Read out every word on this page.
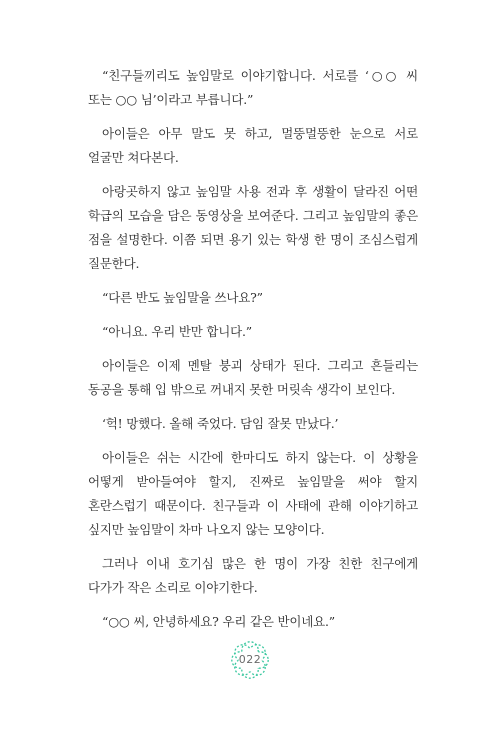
“친구들끼리도 높임말로 이야기합니다. 서로를 ‘○○ 씨 또는 ○○ 님’이라고 부릅니다.”

아이들은 아무 말도 못 하고, 멀뚱멀뚱한 눈으로 서로 얼굴만 쳐다본다.

아랑곳하지 않고 높임말 사용 전과 후 생활이 달라진 어떤 학급의 모습을 담은 동영상을 보여준다. 그리고 높임말의 좋은 점을 설명한다. 이쯤 되면 용기 있는 학생 한 명이 조심스럽게 질문한다.

“다른 반도 높임말을 쓰나요?”

“아니요. 우리 반만 합니다.”

아이들은 이제 멘탈 붕괴 상태가 된다. 그리고 흔들리는 동공을 통해 입 밖으로 꺼내지 못한 머릿속 생각이 보인다.

‘헉! 망했다. 올해 죽었다. 담임 잘못 만났다.’

아이들은 쉬는 시간에 한마디도 하지 않는다. 이 상황을 어떻게 받아들여야 할지, 진짜로 높임말을 써야 할지 혼란스럽기 때문이다. 친구들과 이 사태에 관해 이야기하고 싶지만 높임말이 차마 나오지 않는 모양이다.

그러나 이내 호기심 많은 한 명이 가장 친한 친구에게 다가가 작은 소리로 이야기한다.

“○○ 씨, 안녕하세요? 우리 같은 반이네요.”

022
